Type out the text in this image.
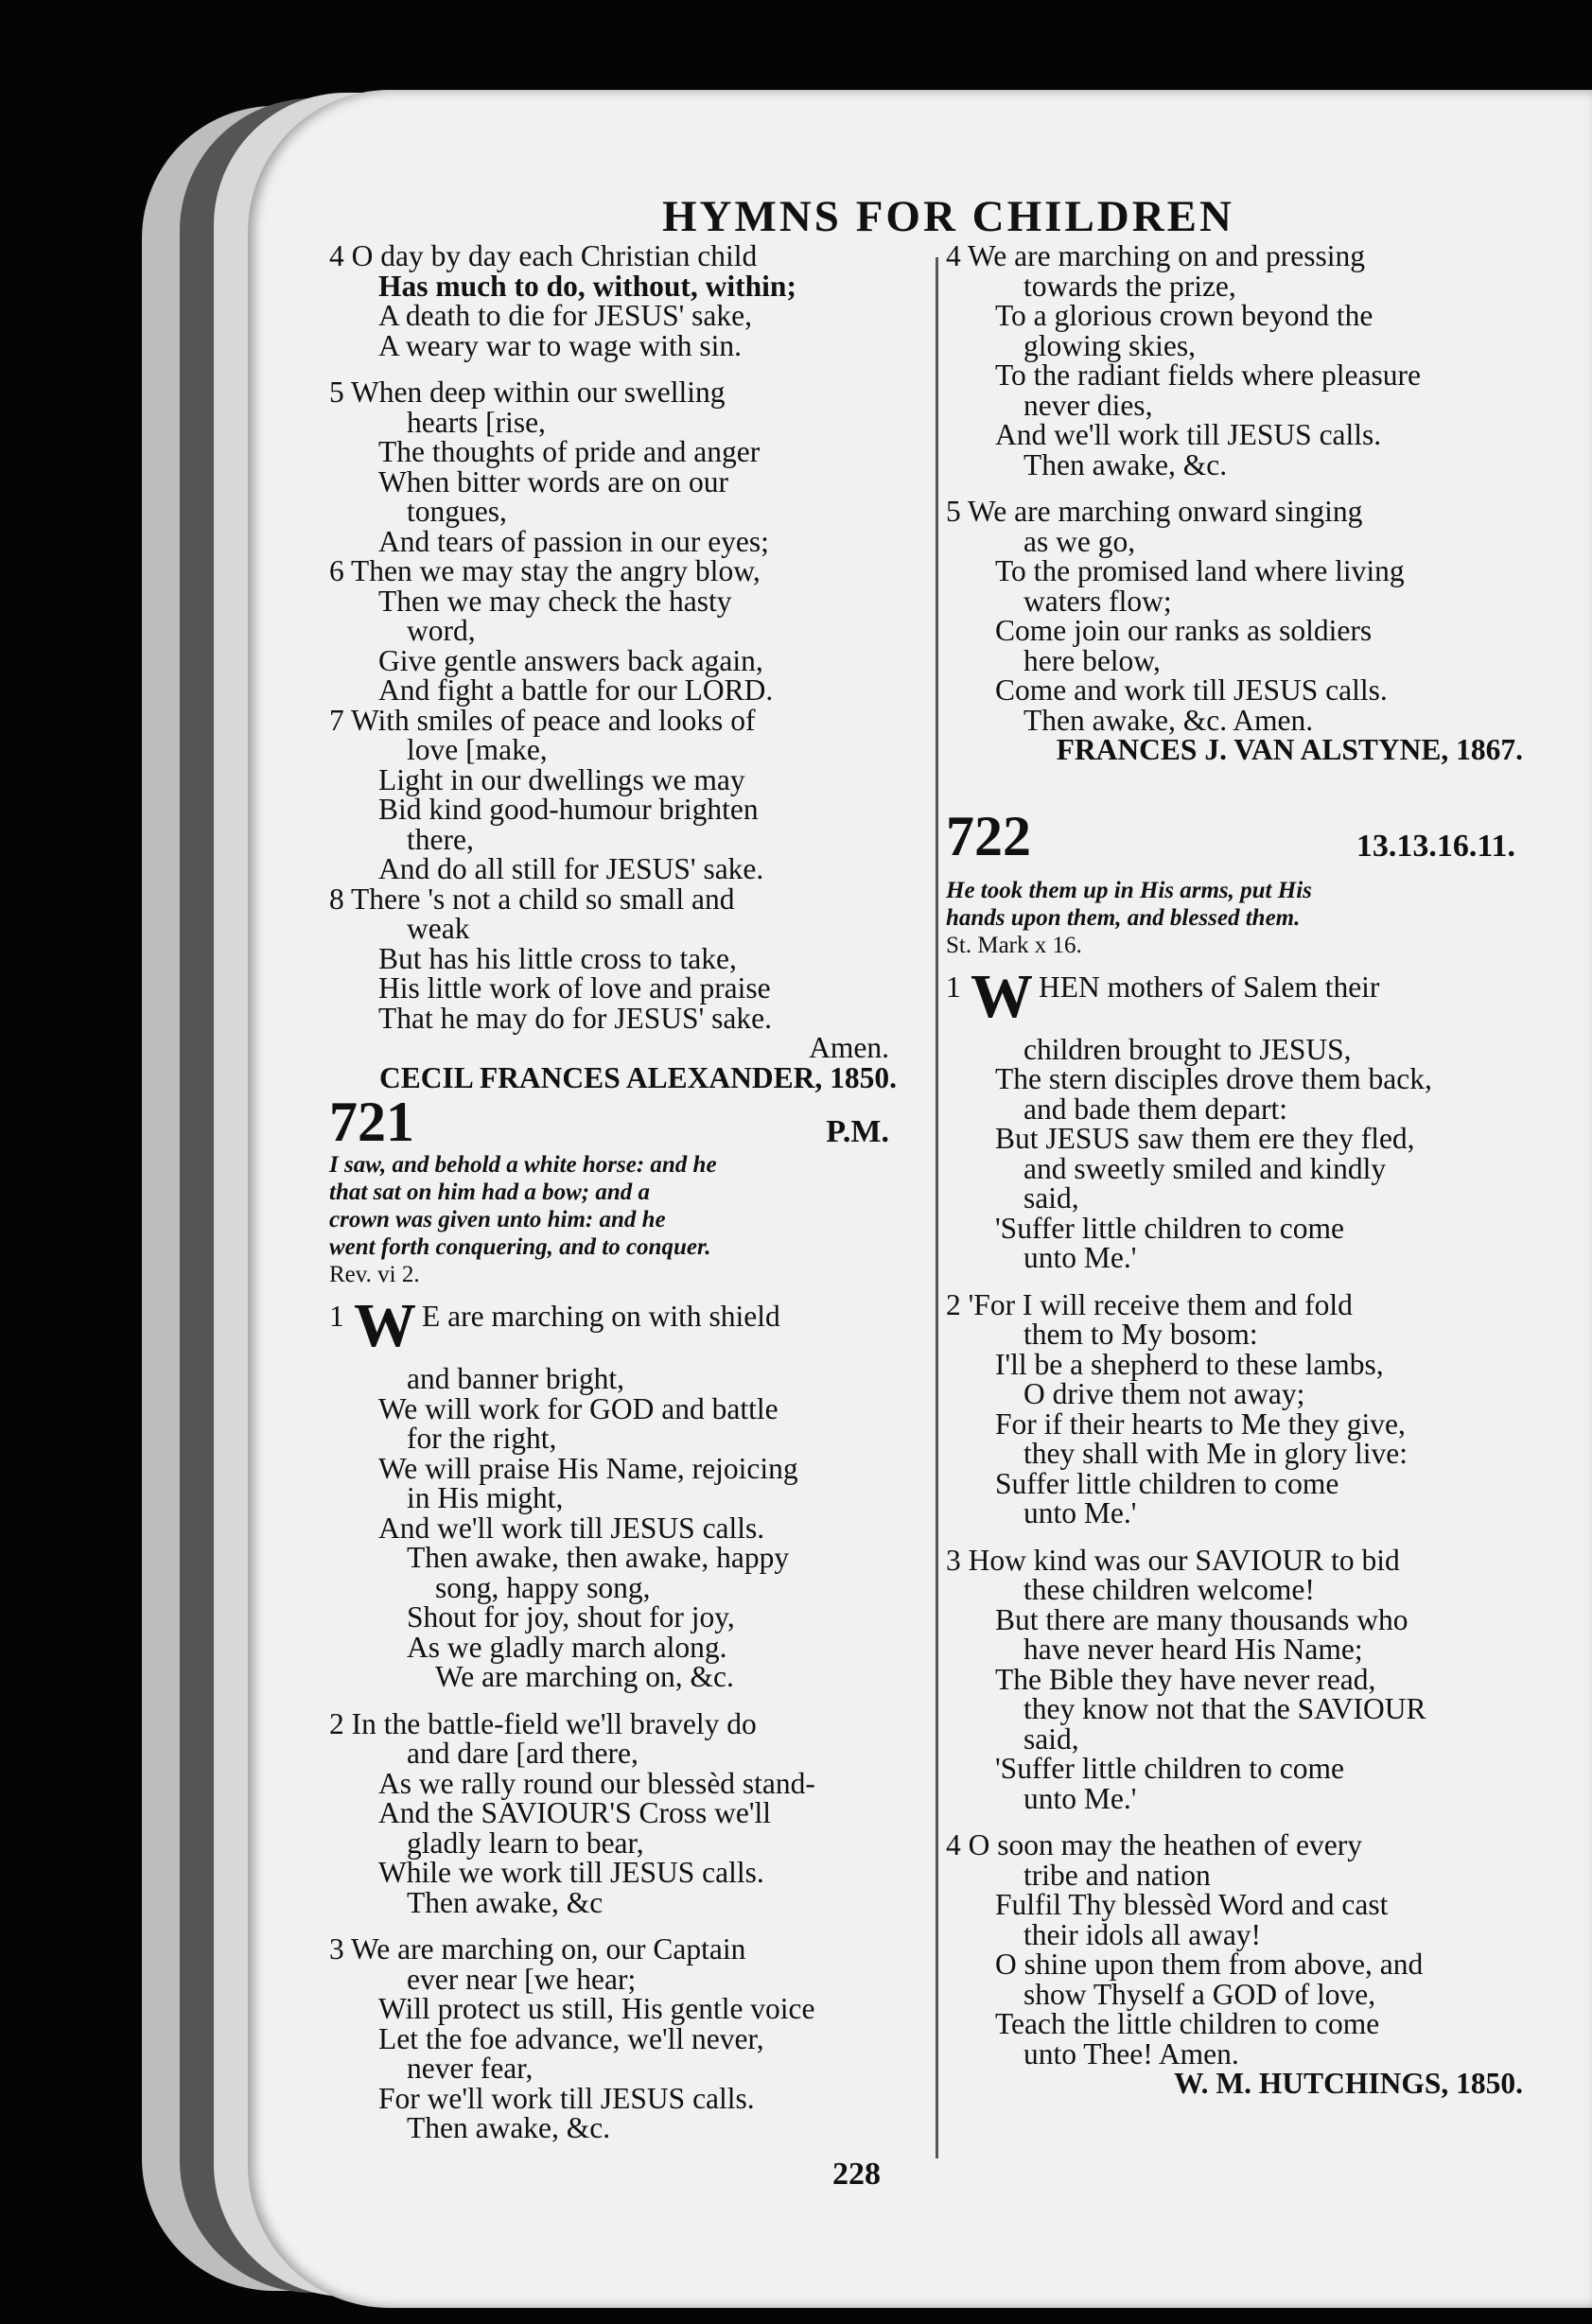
HYMNS FOR CHILDREN
4 O day by day each Christian child
Has much to do, without, within;
A death to die for JESUS' sake,
A weary war to wage with sin.
5 When deep within our swelling
hearts [rise,
The thoughts of pride and anger
When bitter words are on our
tongues,
And tears of passion in our eyes;
6 Then we may stay the angry blow,
Then we may check the hasty
word,
Give gentle answers back again,
And fight a battle for our LORD.
7 With smiles of peace and looks of
love [make,
Light in our dwellings we may
Bid kind good-humour brighten
there,
And do all still for JESUS' sake.
8 There 's not a child so small and
weak
But has his little cross to take,
His little work of love and praise
That he may do for JESUS' sake.
Amen.
CECIL FRANCES ALEXANDER, 1850.
721	P.M.
I saw, and behold a white horse: and he
that sat on him had a bow; and a
crown was given unto him: and he
went forth conquering, and to conquer.
Rev. vi 2.
1 W E are marching on with shield
and banner bright,
We will work for GOD and battle
for the right,
We will praise His Name, rejoicing
in His might,
And we'll work till JESUS calls.
Then awake, then awake, happy
song, happy song,
Shout for joy, shout for joy,
As we gladly march along.
We are marching on, &c.
2 In the battle-field we'll bravely do
and dare [ard there,
As we rally round our blessèd stand-
And the SAVIOUR'S Cross we'll
gladly learn to bear,
While we work till JESUS calls.
Then awake, &c
3 We are marching on, our Captain
ever near [we hear;
Will protect us still, His gentle voice
Let the foe advance, we'll never,
never fear,
For we'll work till JESUS calls.
Then awake, &c.
4 We are marching on and pressing
towards the prize,
To a glorious crown beyond the
glowing skies,
To the radiant fields where pleasure
never dies,
And we'll work till JESUS calls.
Then awake, &c.
5 We are marching onward singing
as we go,
To the promised land where living
waters flow;
Come join our ranks as soldiers
here below,
Come and work till JESUS calls.
Then awake, &c. Amen.
FRANCES J. VAN ALSTYNE, 1867.
722	13.13.16.11.
He took them up in His arms, put His
hands upon them, and blessed them.
St. Mark x 16.
1 W HEN mothers of Salem their
children brought to JESUS,
The stern disciples drove them back,
and bade them depart:
But JESUS saw them ere they fled,
and sweetly smiled and kindly
said,
'Suffer little children to come
unto Me.'
2 'For I will receive them and fold
them to My bosom:
I'll be a shepherd to these lambs,
O drive them not away;
For if their hearts to Me they give,
they shall with Me in glory live:
Suffer little children to come
unto Me.'
3 How kind was our SAVIOUR to bid
these children welcome!
But there are many thousands who
have never heard His Name;
The Bible they have never read,
they know not that the SAVIOUR
said,
'Suffer little children to come
unto Me.'
4 O soon may the heathen of every
tribe and nation
Fulfil Thy blessèd Word and cast
their idols all away!
O shine upon them from above, and
show Thyself a GOD of love,
Teach the little children to come
unto Thee! Amen.
W. M. HUTCHINGS, 1850.
228
